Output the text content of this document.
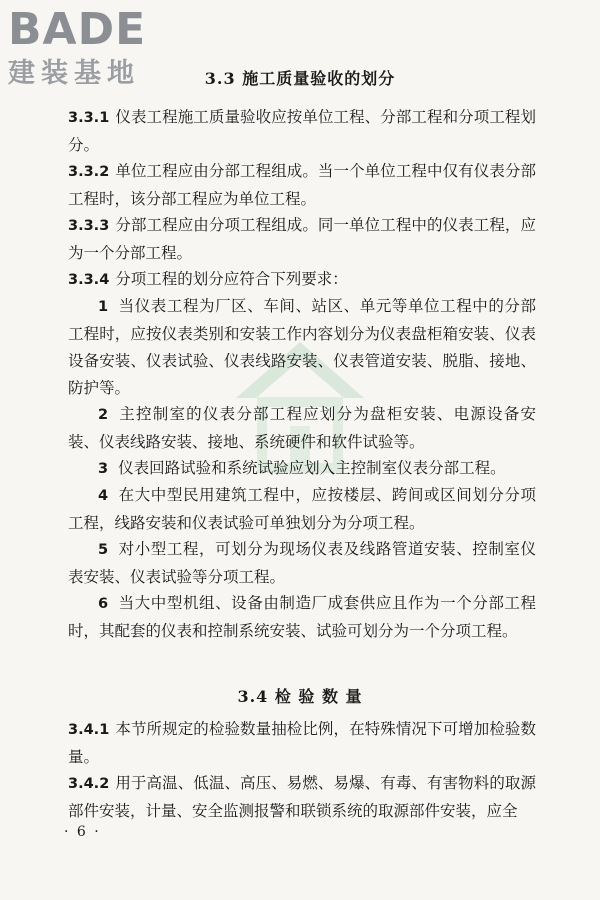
BADE
建装基地	3.3 施工质量验收的划分
3.3.1 仪表工程施工质量验收应按单位工程、分部工程和分项工程划分。
3.3.2 单位工程应由分部工程组成。当一个单位工程中仅有仪表分部工程时，该分部工程应为单位工程。
3.3.3 分部工程应由分项工程组成。同一单位工程中的仪表工程，应为一个分部工程。
3.3.4 分项工程的划分应符合下列要求：
1 当仪表工程为厂区、车间、站区、单元等单位工程中的分部工程时，应按仪表类别和安装工作内容划分为仪表盘柜箱安装、仪表设备安装、仪表试验、仪表线路安装、仪表管道安装、脱脂、接地、防护等。
2 主控制室的仪表分部工程应划分为盘柜安装、电源设备安装、仪表线路安装、接地、系统硬件和软件试验等。
3 仪表回路试验和系统试验应划入主控制室仪表分部工程。
4 在大中型民用建筑工程中，应按楼层、跨间或区间划分分项工程，线路安装和仪表试验可单独划分为分项工程。
5 对小型工程，可划分为现场仪表及线路管道安装、控制室仪表安装、仪表试验等分项工程。
6 当大中型机组、设备由制造厂成套供应且作为一个分部工程时，其配套的仪表和控制系统安装、试验可划分为一个分项工程。
3.4 检 验 数 量
3.4.1 本节所规定的检验数量抽检比例，在特殊情况下可增加检验数量。
3.4.2 用于高温、低温、高压、易燃、易爆、有毒、有害物料的取源部件安装，计量、安全监测报警和联锁系统的取源部件安装，应全
· 6 ·
